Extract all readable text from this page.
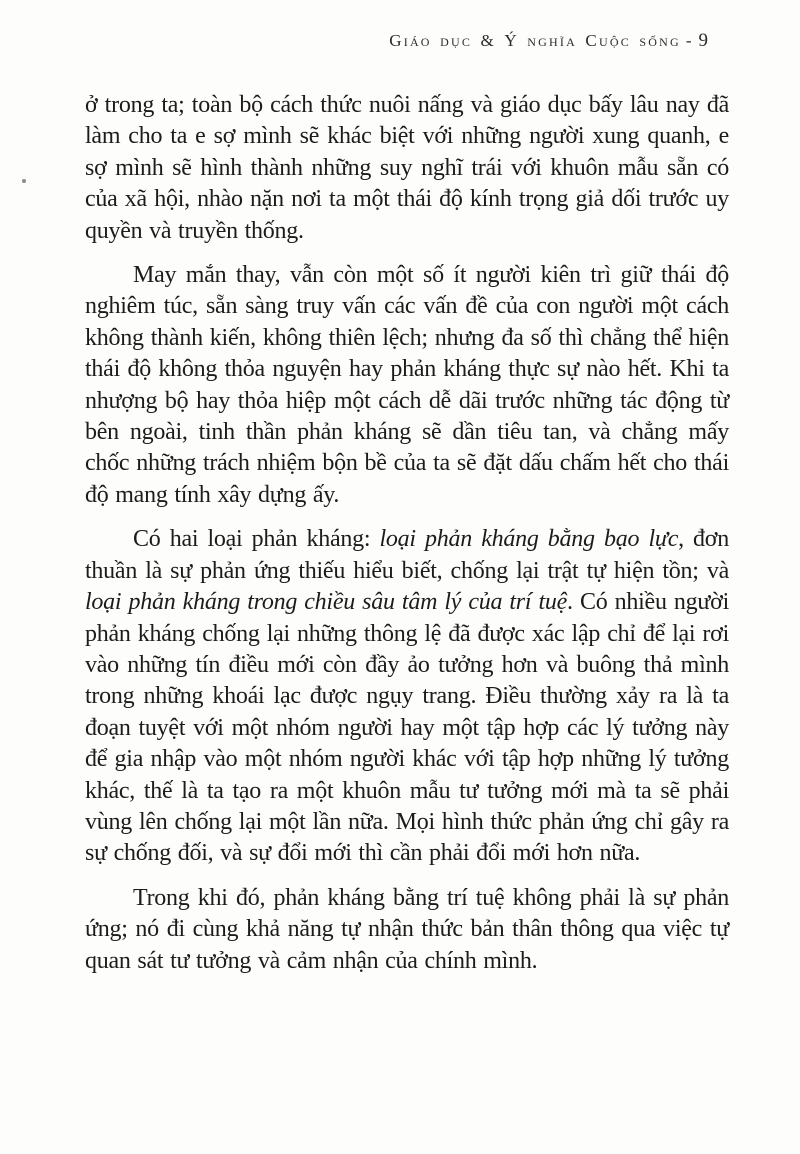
Giáo dục & Ý nghĩa Cuộc sống - 9

ở trong ta; toàn bộ cách thức nuôi nấng và giáo dục bấy lâu nay đã làm cho ta e sợ mình sẽ khác biệt với những người xung quanh, e sợ mình sẽ hình thành những suy nghĩ trái với khuôn mẫu sẵn có của xã hội, nhào nặn nơi ta một thái độ kính trọng giả dối trước uy quyền và truyền thống.

May mắn thay, vẫn còn một số ít người kiên trì giữ thái độ nghiêm túc, sẵn sàng truy vấn các vấn đề của con người một cách không thành kiến, không thiên lệch; nhưng đa số thì chẳng thể hiện thái độ không thỏa nguyện hay phản kháng thực sự nào hết. Khi ta nhượng bộ hay thỏa hiệp một cách dễ dãi trước những tác động từ bên ngoài, tinh thần phản kháng sẽ dần tiêu tan, và chẳng mấy chốc những trách nhiệm bộn bề của ta sẽ đặt dấu chấm hết cho thái độ mang tính xây dựng ấy.

Có hai loại phản kháng: loại phản kháng bằng bạo lực, đơn thuần là sự phản ứng thiếu hiểu biết, chống lại trật tự hiện tồn; và loại phản kháng trong chiều sâu tâm lý của trí tuệ. Có nhiều người phản kháng chống lại những thông lệ đã được xác lập chỉ để lại rơi vào những tín điều mới còn đầy ảo tưởng hơn và buông thả mình trong những khoái lạc được ngụy trang. Điều thường xảy ra là ta đoạn tuyệt với một nhóm người hay một tập hợp các lý tưởng này để gia nhập vào một nhóm người khác với tập hợp những lý tưởng khác, thế là ta tạo ra một khuôn mẫu tư tưởng mới mà ta sẽ phải vùng lên chống lại một lần nữa. Mọi hình thức phản ứng chỉ gây ra sự chống đối, và sự đổi mới thì cần phải đổi mới hơn nữa.

Trong khi đó, phản kháng bằng trí tuệ không phải là sự phản ứng; nó đi cùng khả năng tự nhận thức bản thân thông qua việc tự quan sát tư tưởng và cảm nhận của chính mình.
